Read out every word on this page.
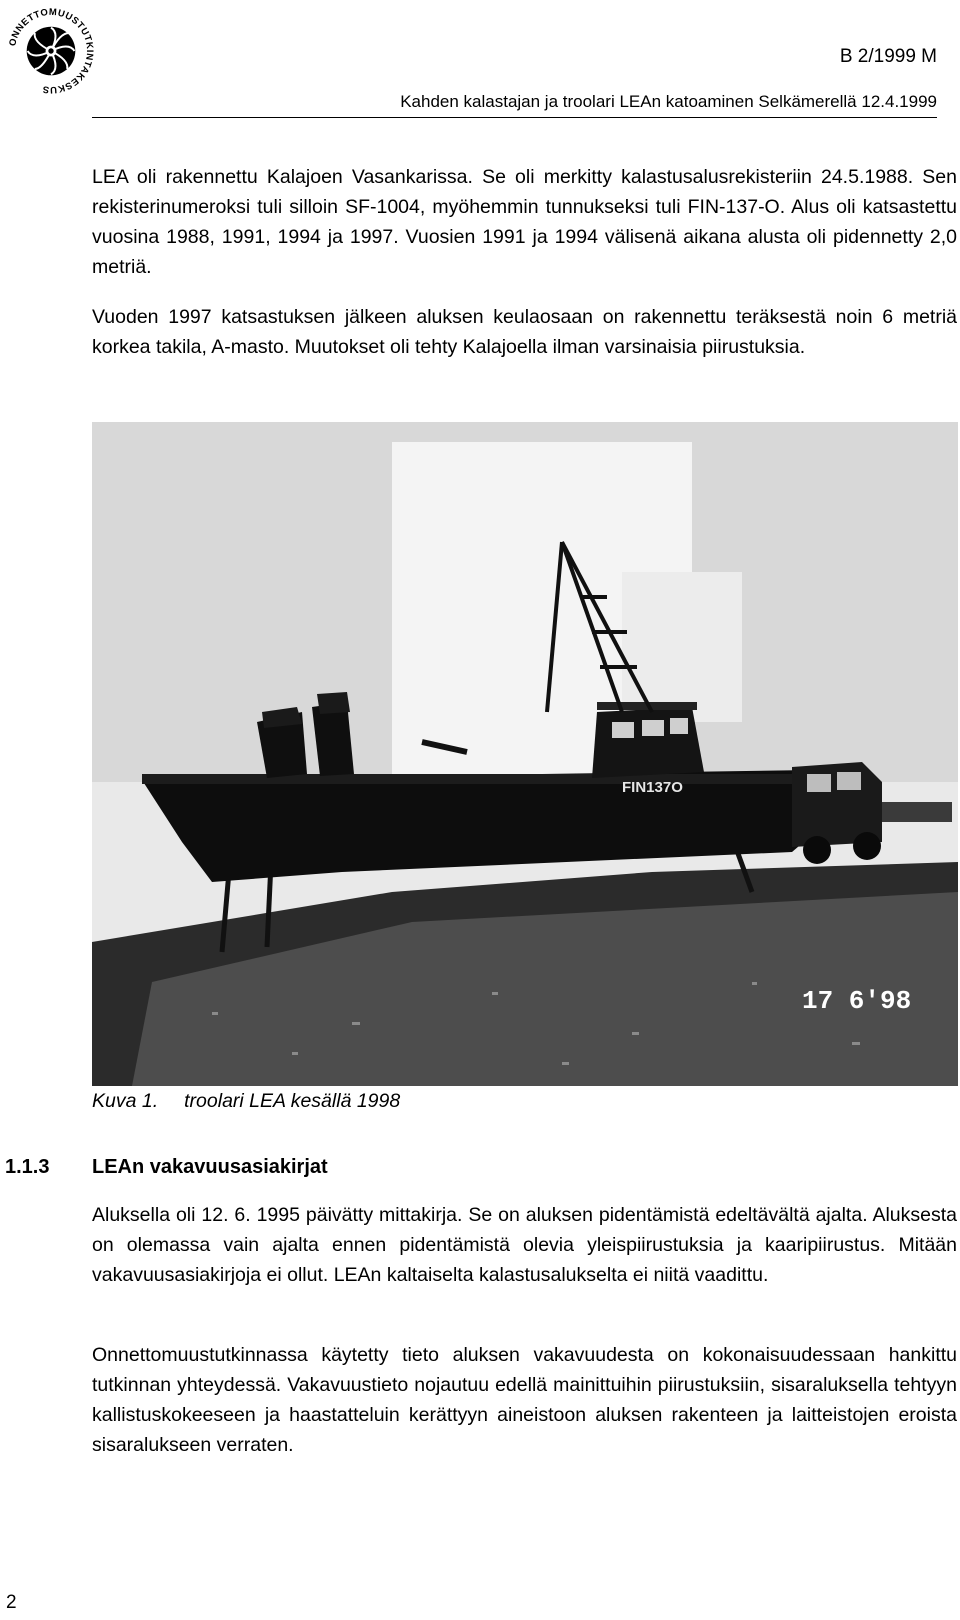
ONNETTOMUUSTUTKINTAKESKUS
B 2/1999 M
Kahden kalastajan ja troolari LEAn katoaminen Selkämerellä 12.4.1999

LEA oli rakennettu Kalajoen Vasankarissa. Se oli merkitty kalastusalusrekisteriin 24.5.1988. Sen rekisterinumeroksi tuli silloin SF-1004, myöhemmin tunnukseksi tuli FIN-137-O. Alus oli katsastettu vuosina 1988, 1991, 1994 ja 1997. Vuosien 1991 ja 1994 välisenä aikana alusta oli pidennetty 2,0 metriä.

Vuoden 1997 katsastuksen jälkeen aluksen keulaosaan on rakennettu teräksestä noin 6 metriä korkea takila, A-masto. Muutokset oli tehty Kalajoella ilman varsinaisia piirustuksia.

FIN137O
17 6'98
Kuva 1. troolari LEA kesällä 1998
1.1.3 LEAn vakavuusasiakirjat

Aluksella oli 12. 6. 1995 päivätty mittakirja. Se on aluksen pidentämistä edeltävältä ajalta. Aluksesta on olemassa vain ajalta ennen pidentämistä olevia yleispiirustuksia ja kaaripiirustus. Mitään vakavuusasiakirjoja ei ollut. LEAn kaltaiselta kalastusalukselta ei niitä vaadittu.

Onnettomuustutkinnassa käytetty tieto aluksen vakavuudesta on kokonaisuudessaan hankittu tutkinnan yhteydessä. Vakavuustieto nojautuu edellä mainittuihin piirustuksiin, sisaraluksella tehtyyn kallistuskokeeseen ja haastatteluin kerättyyn aineistoon aluksen rakenteen ja laitteistojen eroista sisaralukseen verraten.

2
